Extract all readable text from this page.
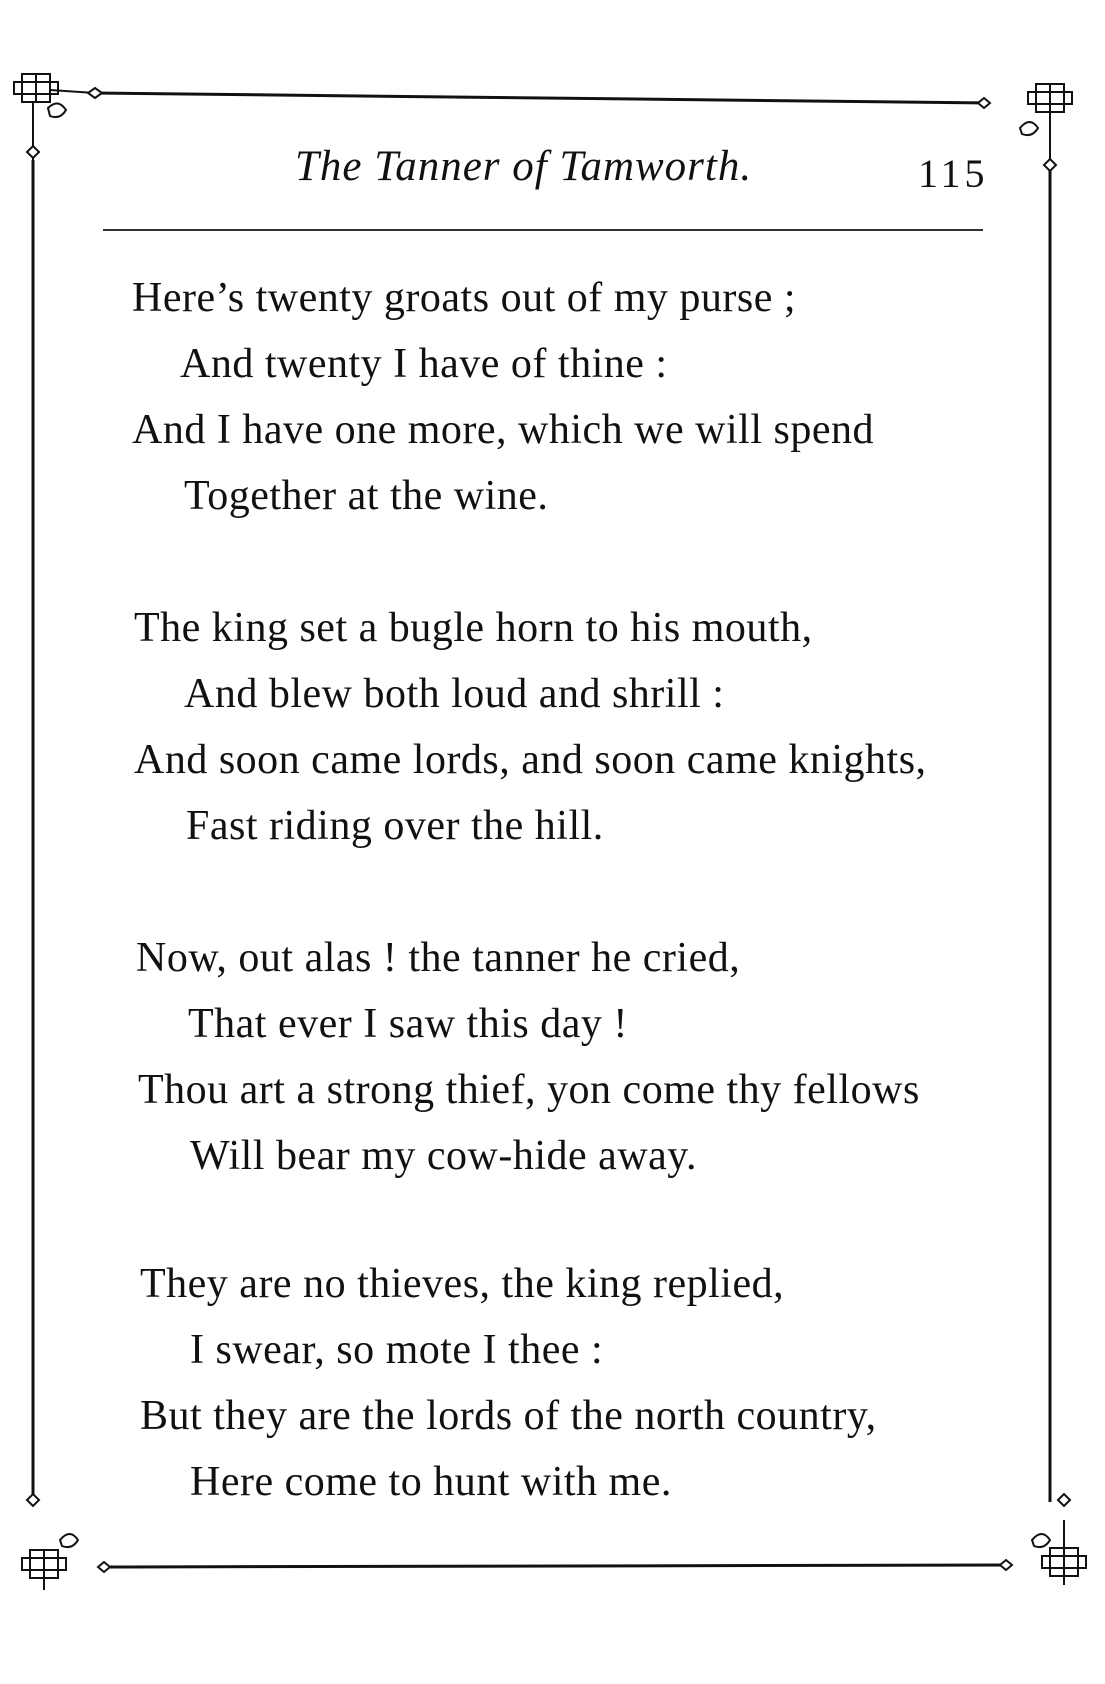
The Tanner of Tamworth.	115
Here’s twenty groats out of my purse ;
And twenty I have of thine :
And I have one more, which we will spend
Together at the wine.
The king set a bugle horn to his mouth,
And blew both loud and shrill :
And soon came lords, and soon came knights,
Fast riding over the hill.
Now, out alas ! the tanner he cried,
That ever I saw this day !
Thou art a strong thief, yon come thy fellows
Will bear my cow-hide away.
They are no thieves, the king replied,
I swear, so mote I thee :
But they are the lords of the north country,
Here come to hunt with me.
